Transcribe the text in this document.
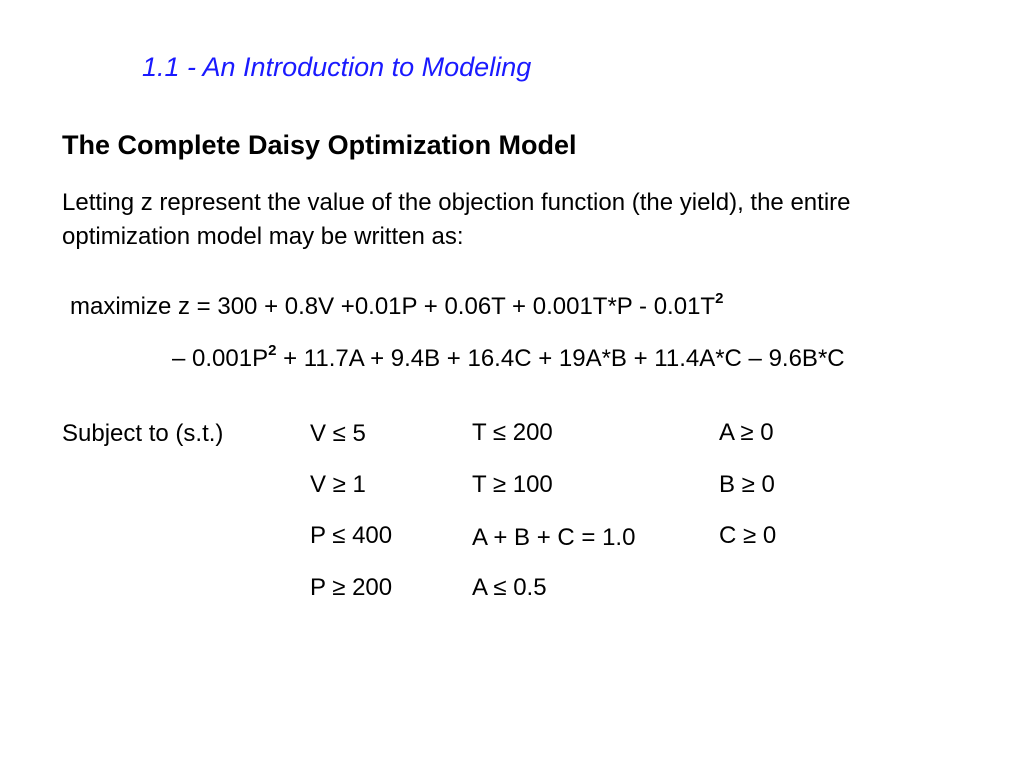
1.1 - An Introduction to Modeling
The Complete Daisy Optimization Model
Letting z represent the value of the objection function (the yield), the entire optimization model may be written as:
maximize $z = 300 + 0.8V +0.01P + 0.06T + 0.001T*P - 0.01T^2$
– $0.001P^2 + 11.7A + 9.4B + 16.4C + 19A*B + 11.4A*C - 9.6B*C$
Subject to (s.t.)	V ≤ 5
V ≥ 1
P ≤ 400
P ≥ 200
T ≤ 200
T ≥ 100
A + B + C = 1.0
A ≤ 0.5
A ≥ 0
B ≥ 0
C ≥ 0
